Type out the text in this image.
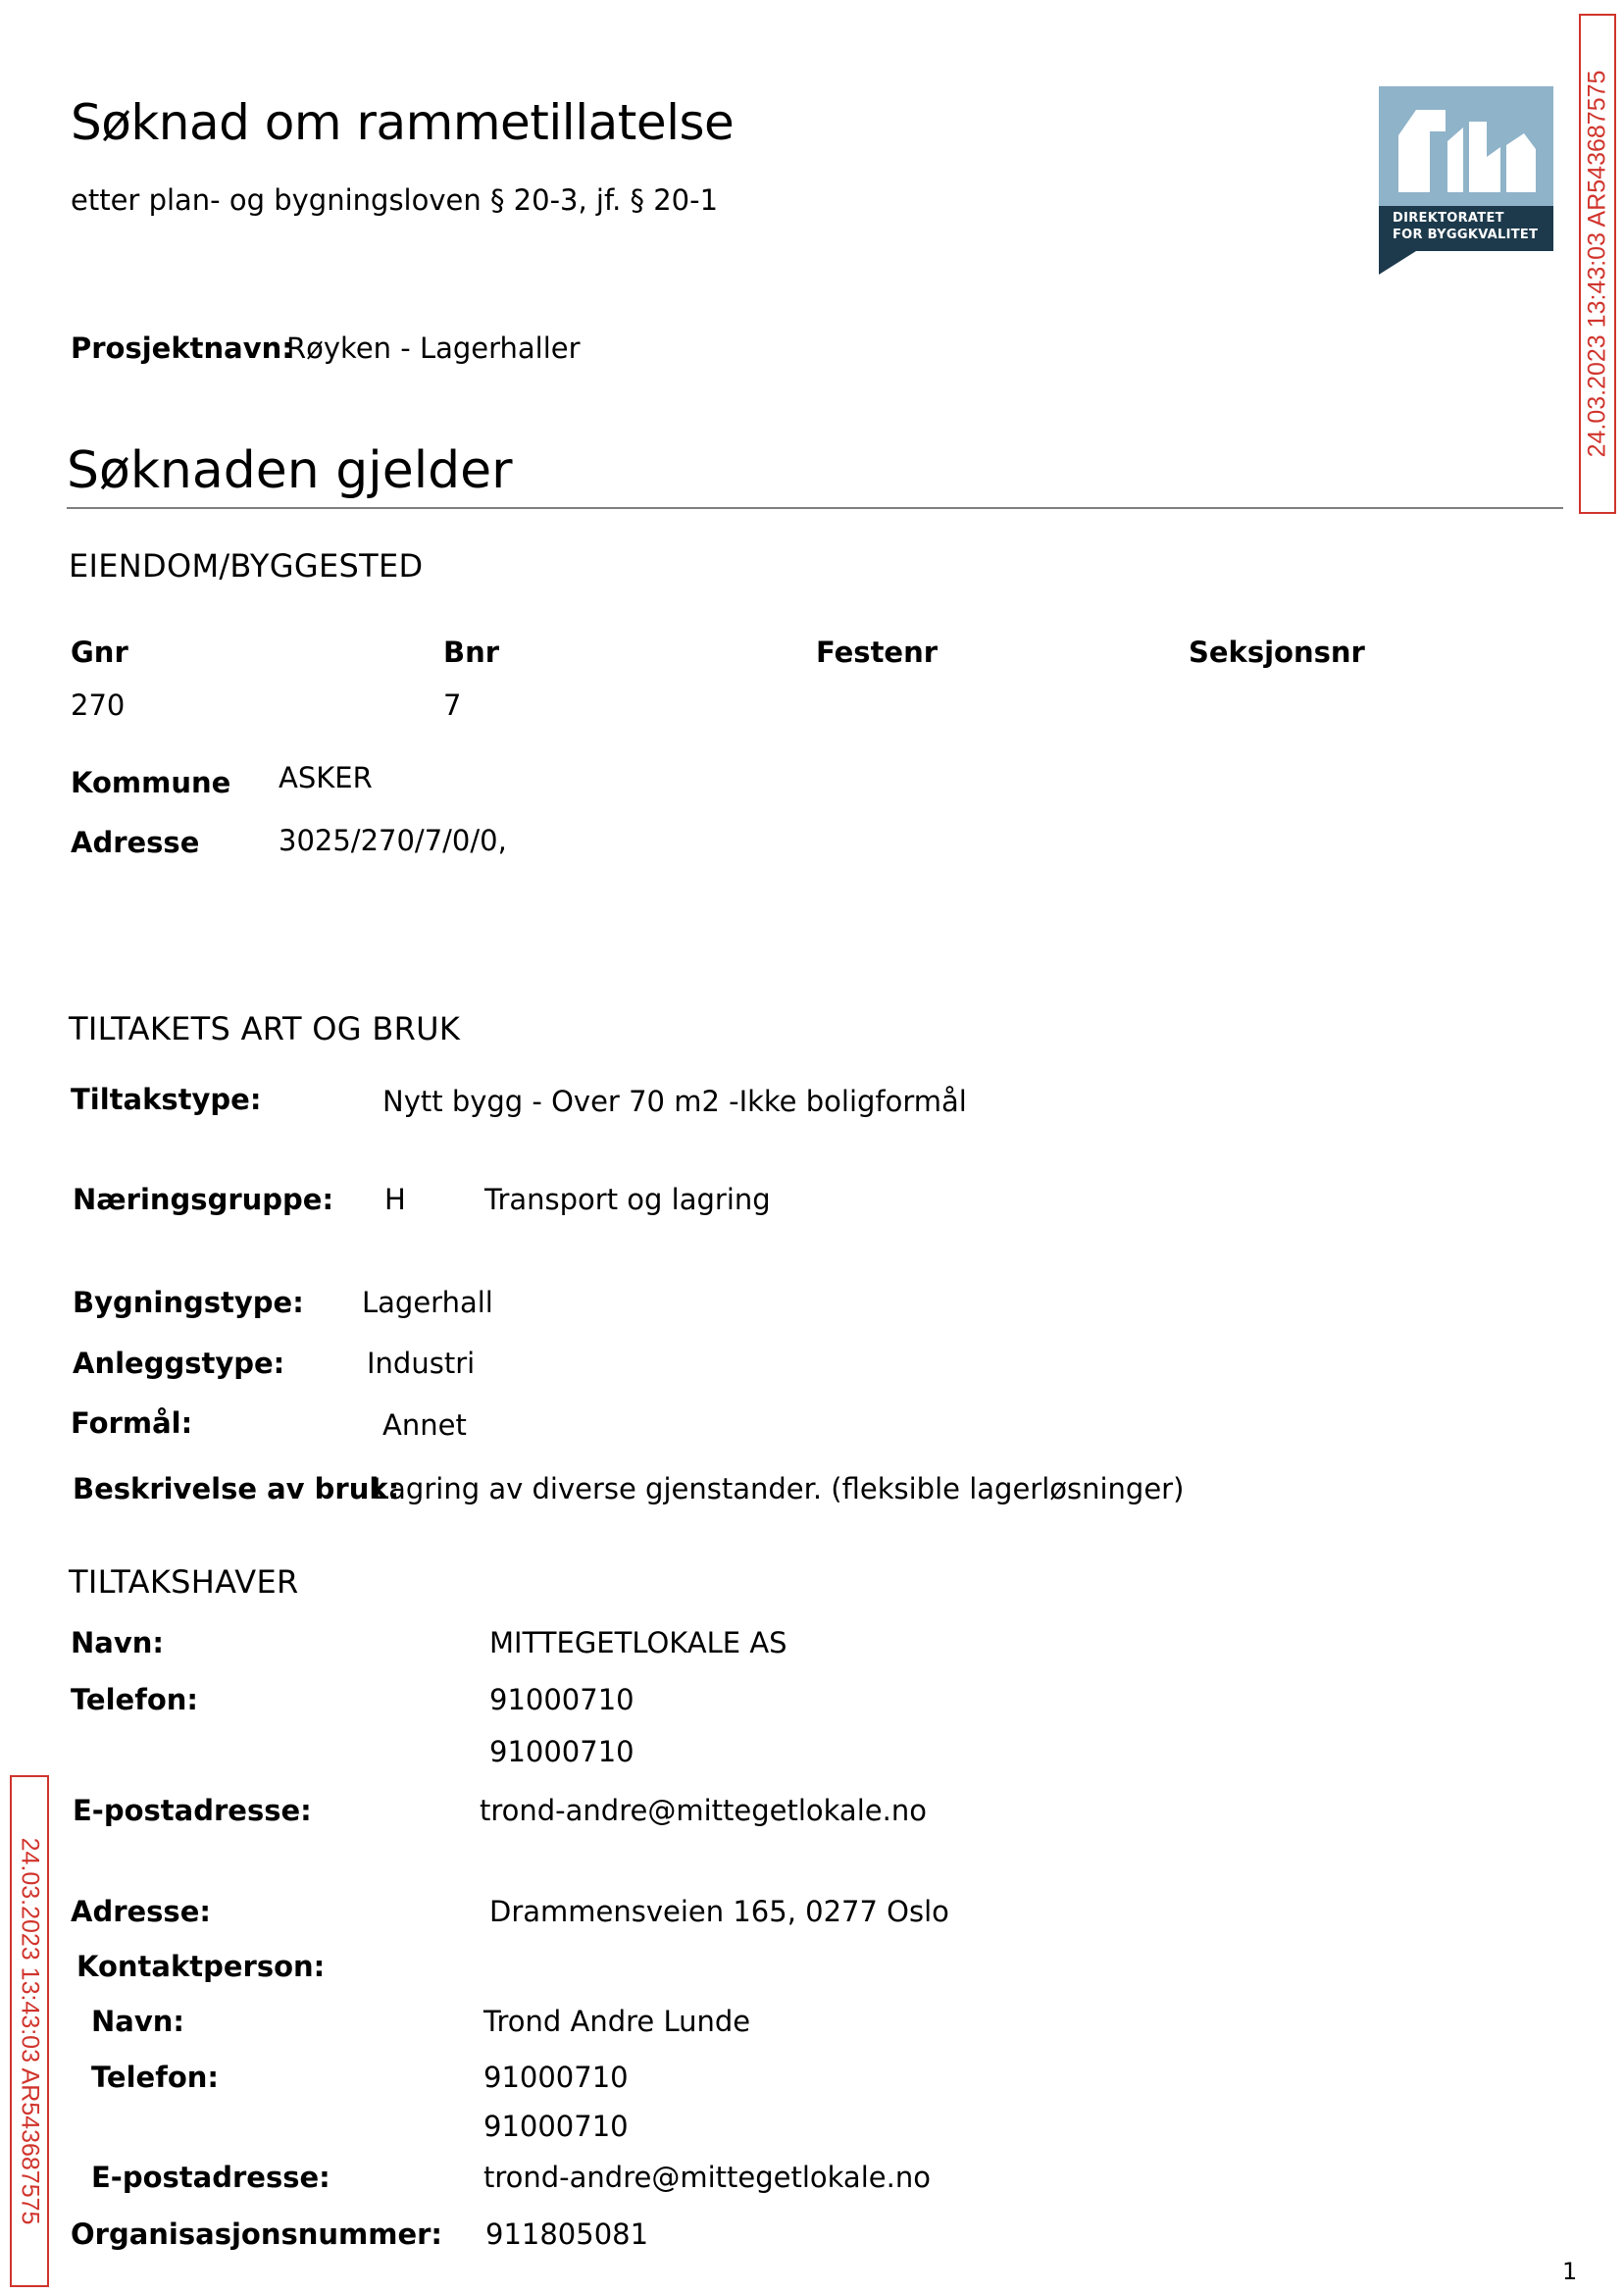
Søknad om rammetillatelse
etter plan- og bygningsloven § 20-3, jf. § 20-1
DIREKTORATET
FOR BYGGKVALITET 24.03.2023 13:43:03 AR543687575
24.03.2023 13:43:03 AR543687575
Prosjektnavn:
Røyken - Lagerhaller
Søknaden gjelder
EIENDOM/BYGGESTED
Gnr	Bnr	Festenr	Seksjonsnr
270	7
Kommune ASKER
Adresse	3025/270/7/0/0,
TILTAKETS ART OG BRUK
Tiltakstype:	Nytt bygg - Over 70 m2 -Ikke boligformål
Næringsgruppe: H	Transport og lagring
Bygningstype: Lagerhall
Anleggstype:	Industri
Formål:	Annet
Beskrivelse av bruk:
Lagring av diverse gjenstander. (fleksible lagerløsninger)
TILTAKSHAVER
Navn:	MITTEGETLOKALE AS
Telefon:	91000710
91000710
E-postadresse:	trond-andre@mittegetlokale.no
Adresse:	Drammensveien 165, 0277 Oslo
Kontaktperson:
Navn:	Trond Andre Lunde
Telefon:	91000710
91000710
E-postadresse:	trond-andre@mittegetlokale.no
Organisasjonsnummer: 911805081
1
